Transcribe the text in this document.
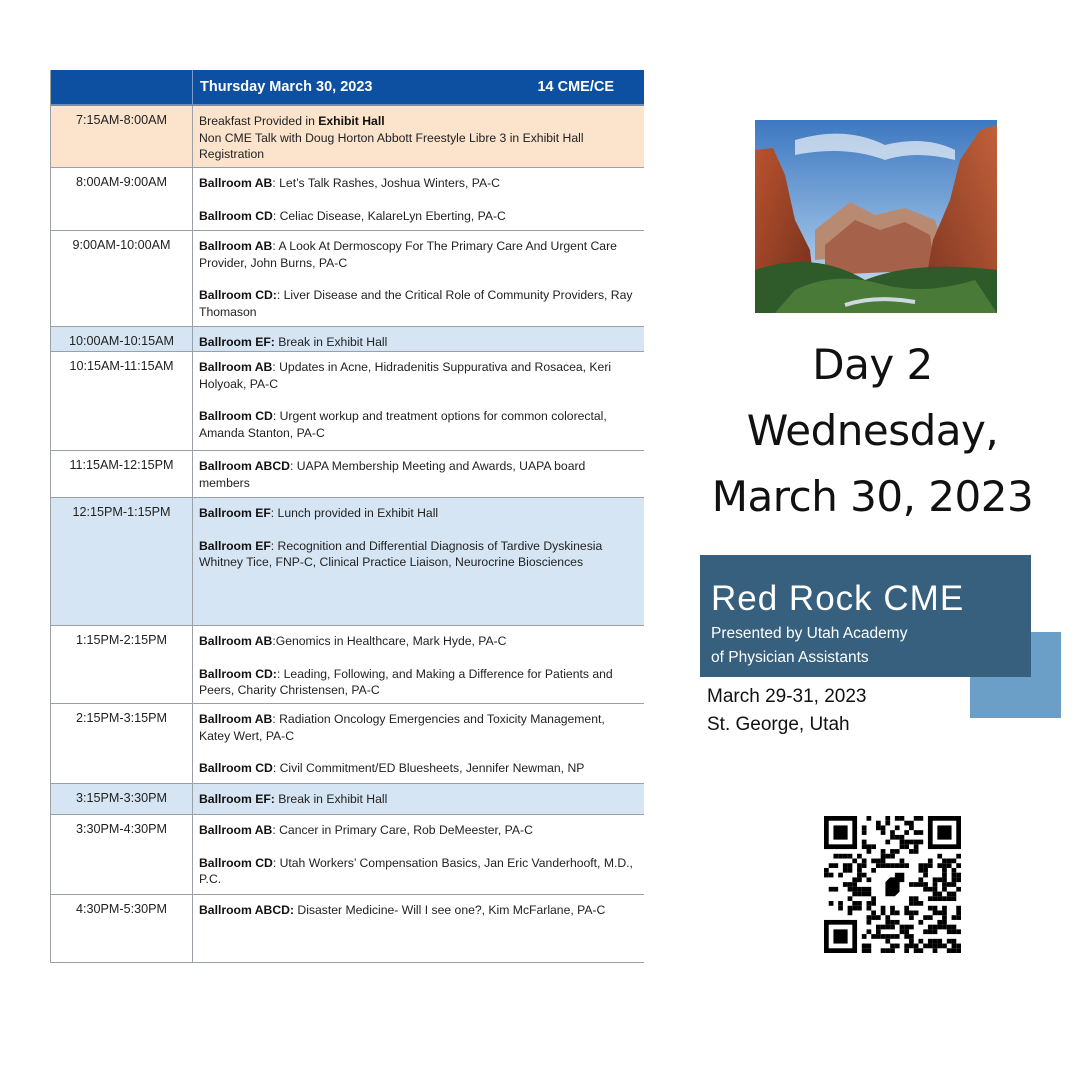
Thursday March 30, 2023	14 CME/CE
7:15AM-8:00AM	Breakfast Provided in Exhibit Hall
Non CME Talk with Doug Horton Abbott Freestyle Libre 3 in Exhibit Hall
Registration
8:00AM-9:00AM	Ballroom AB: Let’s Talk Rashes, Joshua Winters, PA-C
Ballroom CD: Celiac Disease, KalareLyn Eberting, PA-C
9:00AM-10:00AM	Ballroom AB: A Look At Dermoscopy For The Primary Care And Urgent Care Provider, John Burns, PA-C
Ballroom CD:: Liver Disease and the Critical Role of Community Providers, Ray Thomason
10:00AM-10:15AM	Ballroom EF: Break in Exhibit Hall
10:15AM-11:15AM	Ballroom AB: Updates in Acne, Hidradenitis Suppurativa and Rosacea, Keri Holyoak, PA-C
Ballroom CD: Urgent workup and treatment options for common colorectal, Amanda Stanton, PA-C
11:15AM-12:15PM	Ballroom ABCD: UAPA Membership Meeting and Awards, UAPA board members
12:15PM-1:15PM	Ballroom EF: Lunch provided in Exhibit Hall
Ballroom EF: Recognition and Differential Diagnosis of Tardive Dyskinesia Whitney Tice, FNP-C, Clinical Practice Liaison, Neurocrine Biosciences
1:15PM-2:15PM	Ballroom AB:Genomics in Healthcare, Mark Hyde, PA-C
Ballroom CD:: Leading, Following, and Making a Difference for Patients and Peers, Charity Christensen, PA-C
2:15PM-3:15PM	Ballroom AB: Radiation Oncology Emergencies and Toxicity Management, Katey Wert, PA-C
Ballroom CD: Civil Commitment/ED Bluesheets, Jennifer Newman, NP
3:15PM-3:30PM	Ballroom EF: Break in Exhibit Hall
3:30PM-4:30PM	Ballroom AB: Cancer in Primary Care, Rob DeMeester, PA-C
Ballroom CD: Utah Workers’ Compensation Basics, Jan Eric Vanderhooft, M.D., P.C.
4:30PM-5:30PM	Ballroom ABCD: Disaster Medicine- Will I see one?, Kim McFarlane, PA-C
Day 2
Wednesday,
March 30, 2023
Red Rock CME
Presented by Utah Academy
of Physician Assistants
March 29-31, 2023
St. George, Utah
